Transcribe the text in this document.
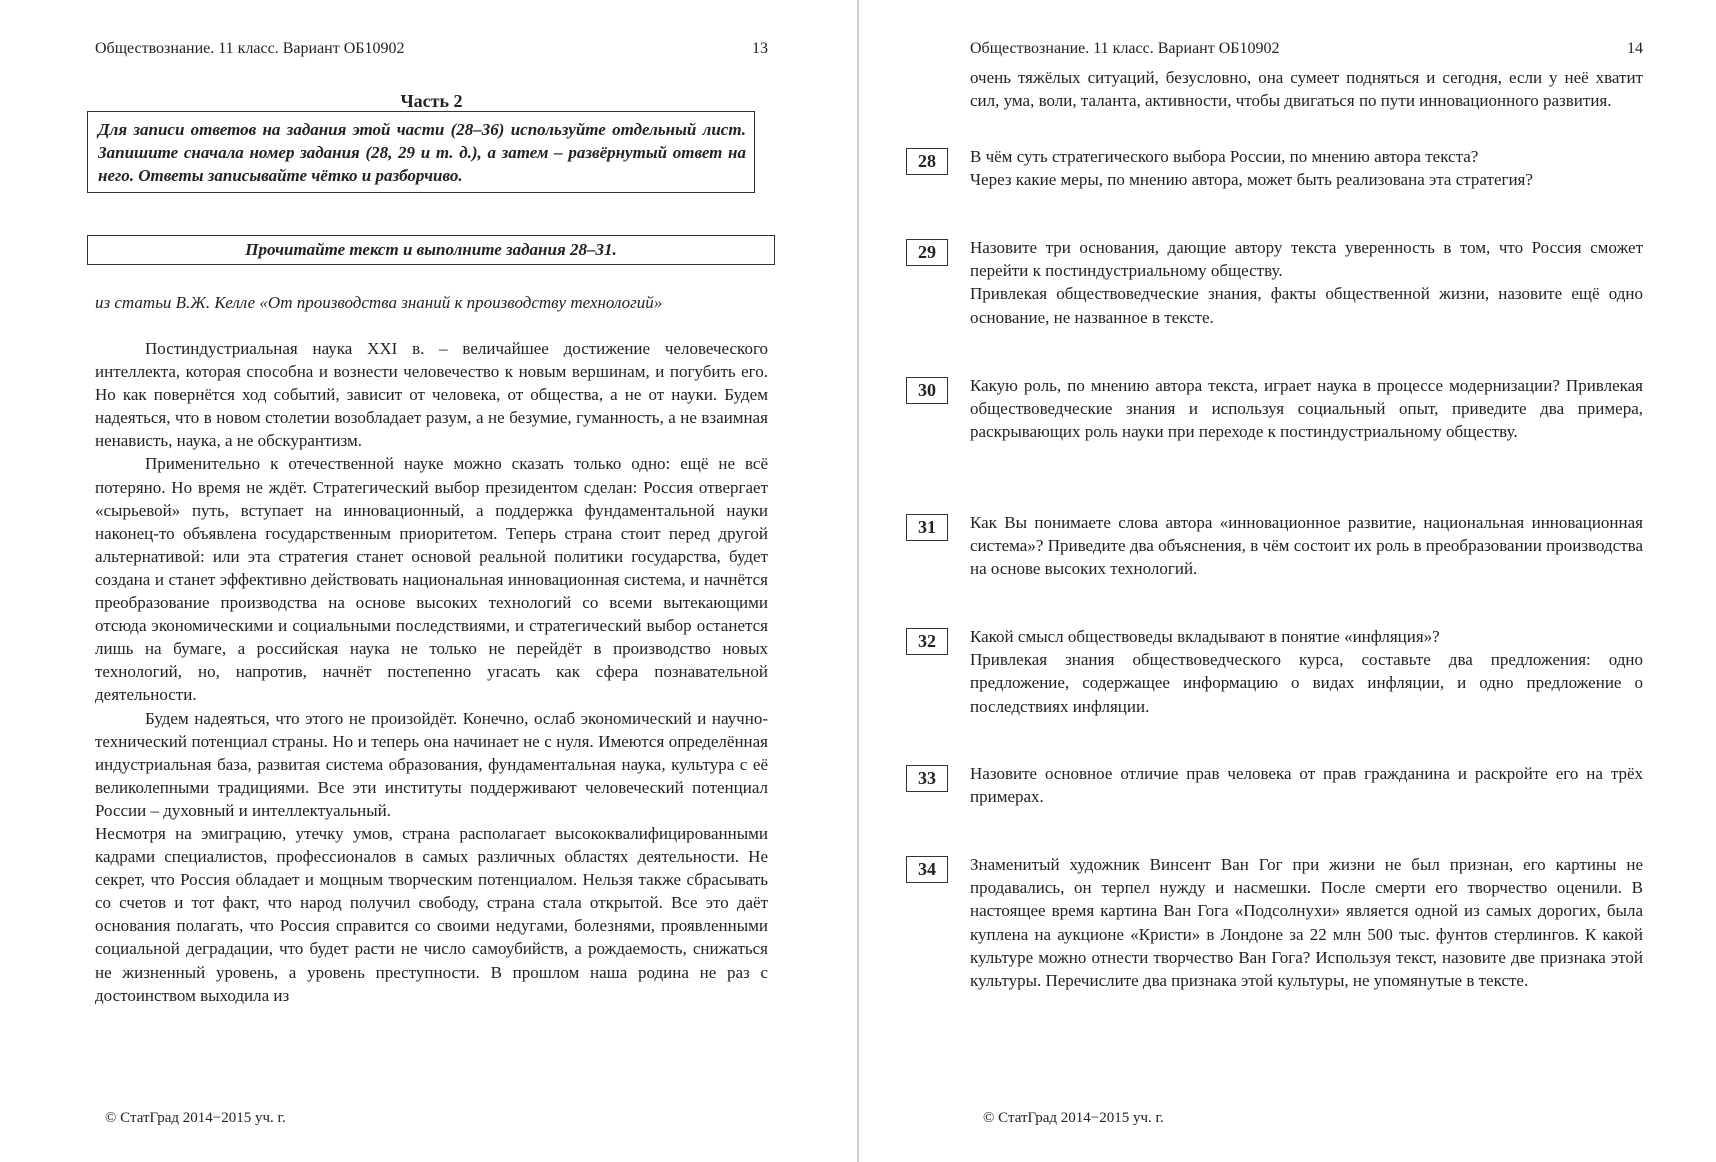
Обществознание. 11 класс. Вариант ОБ10902	13
Часть 2
Для записи ответов на задания этой части (28–36) используйте отдельный лист. Запишите сначала номер задания (28, 29 и т. д.), а затем – развёрнутый ответ на него. Ответы записывайте чётко и разборчиво.
Прочитайте текст и выполните задания 28–31.
из статьи В.Ж. Келле «От производства знаний к производству технологий»

Постиндустриальная наука XXI в. – величайшее достижение человеческого интеллекта, которая способна и вознести человечество к новым вершинам, и погубить его. Но как повернётся ход событий, зависит от человека, от общества, а не от науки. Будем надеяться, что в новом столетии возобладает разум, а не безумие, гуманность, а не взаимная ненависть, наука, а не обскурантизм.

Применительно к отечественной науке можно сказать только одно: ещё не всё потеряно. Но время не ждёт. Стратегический выбор президентом сделан: Россия отвергает «сырьевой» путь, вступает на инновационный, а поддержка фундаментальной науки наконец-то объявлена государственным приоритетом. Теперь страна стоит перед другой альтернативой: или эта стратегия станет основой реальной политики государства, будет создана и станет эффективно действовать национальная инновационная система, и начнётся преобразование производства на основе высоких технологий со всеми вытекающими отсюда экономическими и социальными последствиями, и стратегический выбор останется лишь на бумаге, а российская наука не только не перейдёт в производство новых технологий, но, напротив, начнёт постепенно угасать как сфера познавательной деятельности.

Будем надеяться, что этого не произойдёт. Конечно, ослаб экономический и научно-технический потенциал страны. Но и теперь она начинает не с нуля. Имеются определённая индустриальная база, развитая система образования, фундаментальная наука, культура с её великолепными традициями. Все эти институты поддерживают человеческий потенциал России – духовный и интеллектуальный.

Несмотря на эмиграцию, утечку умов, страна располагает высококвалифицированными кадрами специалистов, профессионалов в самых различных областях деятельности. Не секрет, что Россия обладает и мощным творческим потенциалом. Нельзя также сбрасывать со счетов и тот факт, что народ получил свободу, страна стала открытой. Все это даёт основания полагать, что Россия справится со своими недугами, болезнями, проявленными социальной деградации, что будет расти не число самоубийств, а рождаемость, снижаться не жизненный уровень, а уровень преступности. В прошлом наша родина не раз с достоинством выходила из

© СтатГрад 2014−2015 уч. г.
Обществознание. 11 класс. Вариант ОБ10902	14
очень тяжёлых ситуаций, безусловно, она сумеет подняться и сегодня, если у неё хватит сил, ума, воли, таланта, активности, чтобы двигаться по пути инновационного развития.
28	В чём суть стратегического выбора России, по мнению автора текста?

Через какие меры, по мнению автора, может быть реализована эта стратегия?

29	Назовите три основания, дающие автору текста уверенность в том, что Россия сможет перейти к постиндустриальному обществу.

Привлекая обществоведческие знания, факты общественной жизни, назовите ещё одно основание, не названное в тексте.

30	Какую роль, по мнению автора текста, играет наука в процессе модернизации? Привлекая обществоведческие знания и используя социальный опыт, приведите два примера, раскрывающих роль науки при переходе к постиндустриальному обществу.

31	Как Вы понимаете слова автора «инновационное развитие, национальная инновационная система»? Приведите два объяснения, в чём состоит их роль в преобразовании производства на основе высоких технологий.

32	Какой смысл обществоведы вкладывают в понятие «инфляция»?

Привлекая знания обществоведческого курса, составьте два предложения: одно предложение, содержащее информацию о видах инфляции, и одно предложение о последствиях инфляции.

33	Назовите основное отличие прав человека от прав гражданина и раскройте его на трёх примерах.

34	Знаменитый художник Винсент Ван Гог при жизни не был признан, его картины не продавались, он терпел нужду и насмешки. После смерти его творчество оценили. В настоящее время картина Ван Гога «Подсолнухи» является одной из самых дорогих, была куплена на аукционе «Кристи» в Лондоне за 22 млн 500 тыс. фунтов стерлингов. К какой культуре можно отнести творчество Ван Гога? Используя текст, назовите две признака этой культуры. Перечислите два признака этой культуры, не упомянутые в тексте.

© СтатГрад 2014−2015 уч. г.
